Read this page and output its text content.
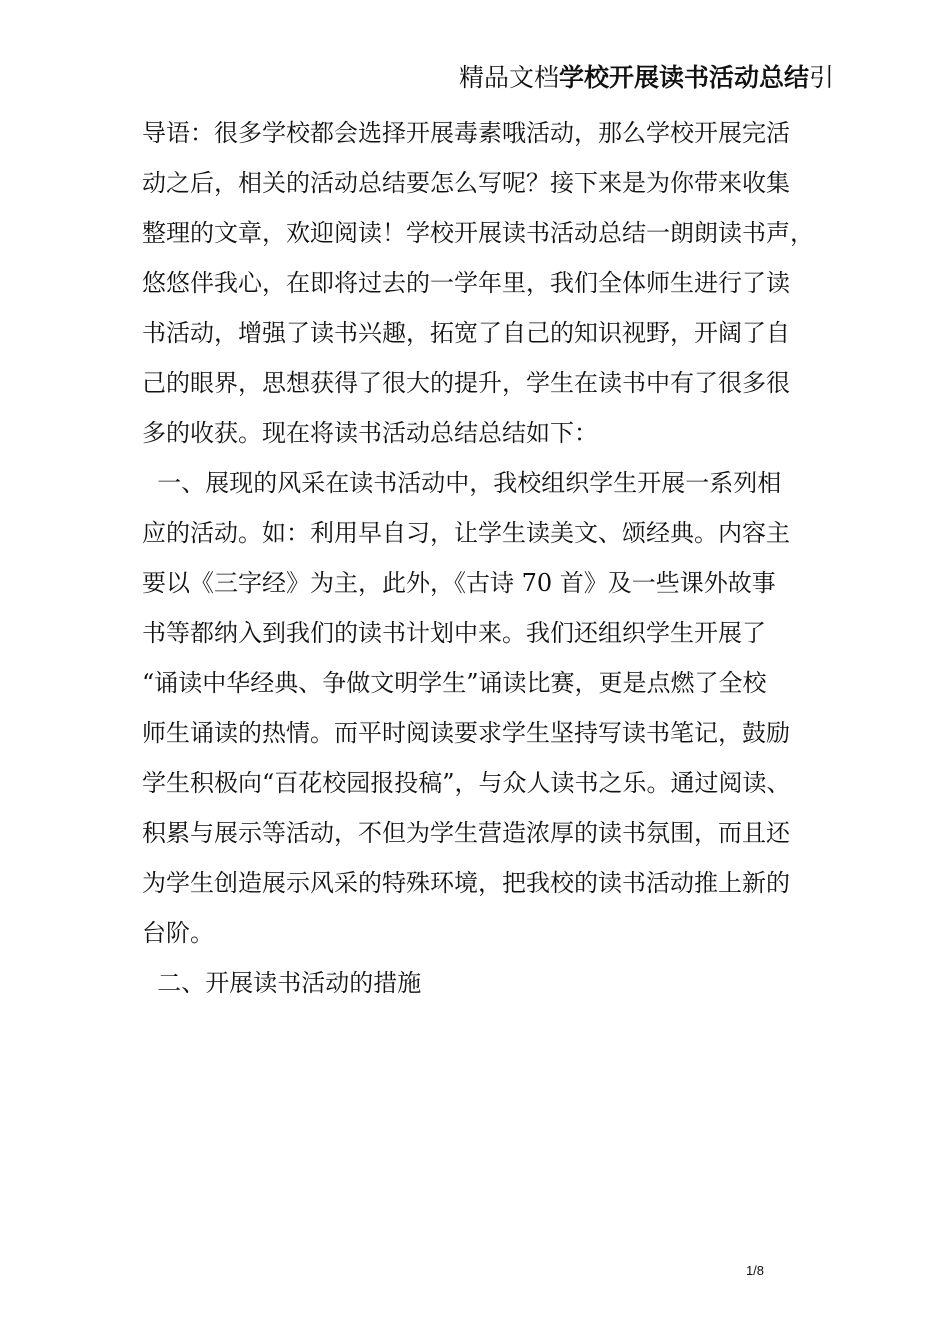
精品文档学校开展读书活动总结引
导语：很多学校都会选择开展毒素哦活动，那么学校开展完活
动之后，相关的活动总结要怎么写呢？接下来是为你带来收集
整理的文章，欢迎阅读！学校开展读书活动总结一朗朗读书声，
悠悠伴我心，在即将过去的一学年里，我们全体师生进行了读
书活动，增强了读书兴趣，拓宽了自己的知识视野，开阔了自
己的眼界，思想获得了很大的提升，学生在读书中有了很多很
多的收获。现在将读书活动总结总结如下：
一、展现的风采在读书活动中，我校组织学生开展一系列相
应的活动。如：利用早自习，让学生读美文、颂经典。内容主
要以《三字经》为主，此外，《古诗 70 首》及一些课外故事
书等都纳入到我们的读书计划中来。我们还组织学生开展了
“诵读中华经典、争做文明学生”诵读比赛，更是点燃了全校
师生诵读的热情。而平时阅读要求学生坚持写读书笔记，鼓励
学生积极向“百花校园报投稿”，与众人读书之乐。通过阅读、
积累与展示等活动，不但为学生营造浓厚的读书氛围，而且还
为学生创造展示风采的特殊环境，把我校的读书活动推上新的
台阶。
二、开展读书活动的措施
1/8
